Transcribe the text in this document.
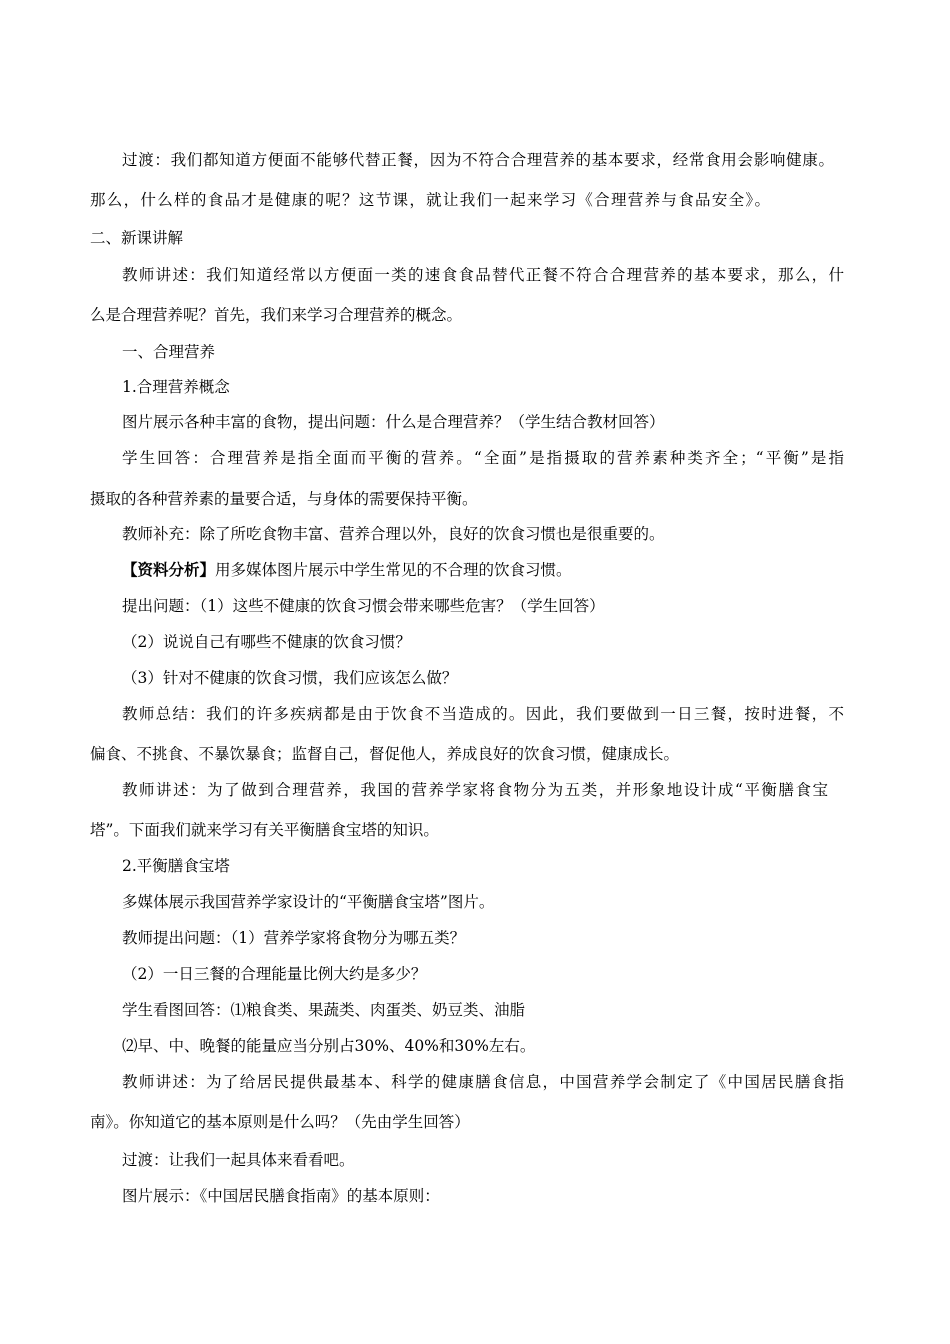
过渡：我们都知道方便面不能够代替正餐，因为不符合合理营养的基本要求，经常食用会影响健康。
那么，什么样的食品才是健康的呢？这节课，就让我们一起来学习《合理营养与食品安全》。
二、新课讲解
教师讲述：我们知道经常以方便面一类的速食食品替代正餐不符合合理营养的基本要求，那么，什
么是合理营养呢？首先，我们来学习合理营养的概念。
一、合理营养
1.合理营养概念
图片展示各种丰富的食物，提出问题：什么是合理营养？（学生结合教材回答）
学生回答：合理营养是指全面而平衡的营养。“全面”是指摄取的营养素种类齐全；“平衡”是指
摄取的各种营养素的量要合适，与身体的需要保持平衡。
教师补充：除了所吃食物丰富、营养合理以外，良好的饮食习惯也是很重要的。
【资料分析】用多媒体图片展示中学生常见的不合理的饮食习惯。
提出问题：（1）这些不健康的饮食习惯会带来哪些危害？（学生回答）
（2）说说自己有哪些不健康的饮食习惯？
（3）针对不健康的饮食习惯，我们应该怎么做？
教师总结：我们的许多疾病都是由于饮食不当造成的。因此，我们要做到一日三餐，按时进餐，不
偏食、不挑食、不暴饮暴食；监督自己，督促他人，养成良好的饮食习惯，健康成长。
教师讲述：为了做到合理营养，我国的营养学家将食物分为五类，并形象地设计成“平衡膳食宝
塔”。下面我们就来学习有关平衡膳食宝塔的知识。
2.平衡膳食宝塔
多媒体展示我国营养学家设计的“平衡膳食宝塔”图片。
教师提出问题：（1）营养学家将食物分为哪五类？
（2）一日三餐的合理能量比例大约是多少？
学生看图回答：⑴粮食类、果蔬类、肉蛋类、奶豆类、油脂
⑵早、中、晚餐的能量应当分别占30%、40%和30%左右。
教师讲述：为了给居民提供最基本、科学的健康膳食信息，中国营养学会制定了《中国居民膳食指
南》。你知道它的基本原则是什么吗？（先由学生回答）
过渡：让我们一起具体来看看吧。
图片展示：《中国居民膳食指南》的基本原则：
